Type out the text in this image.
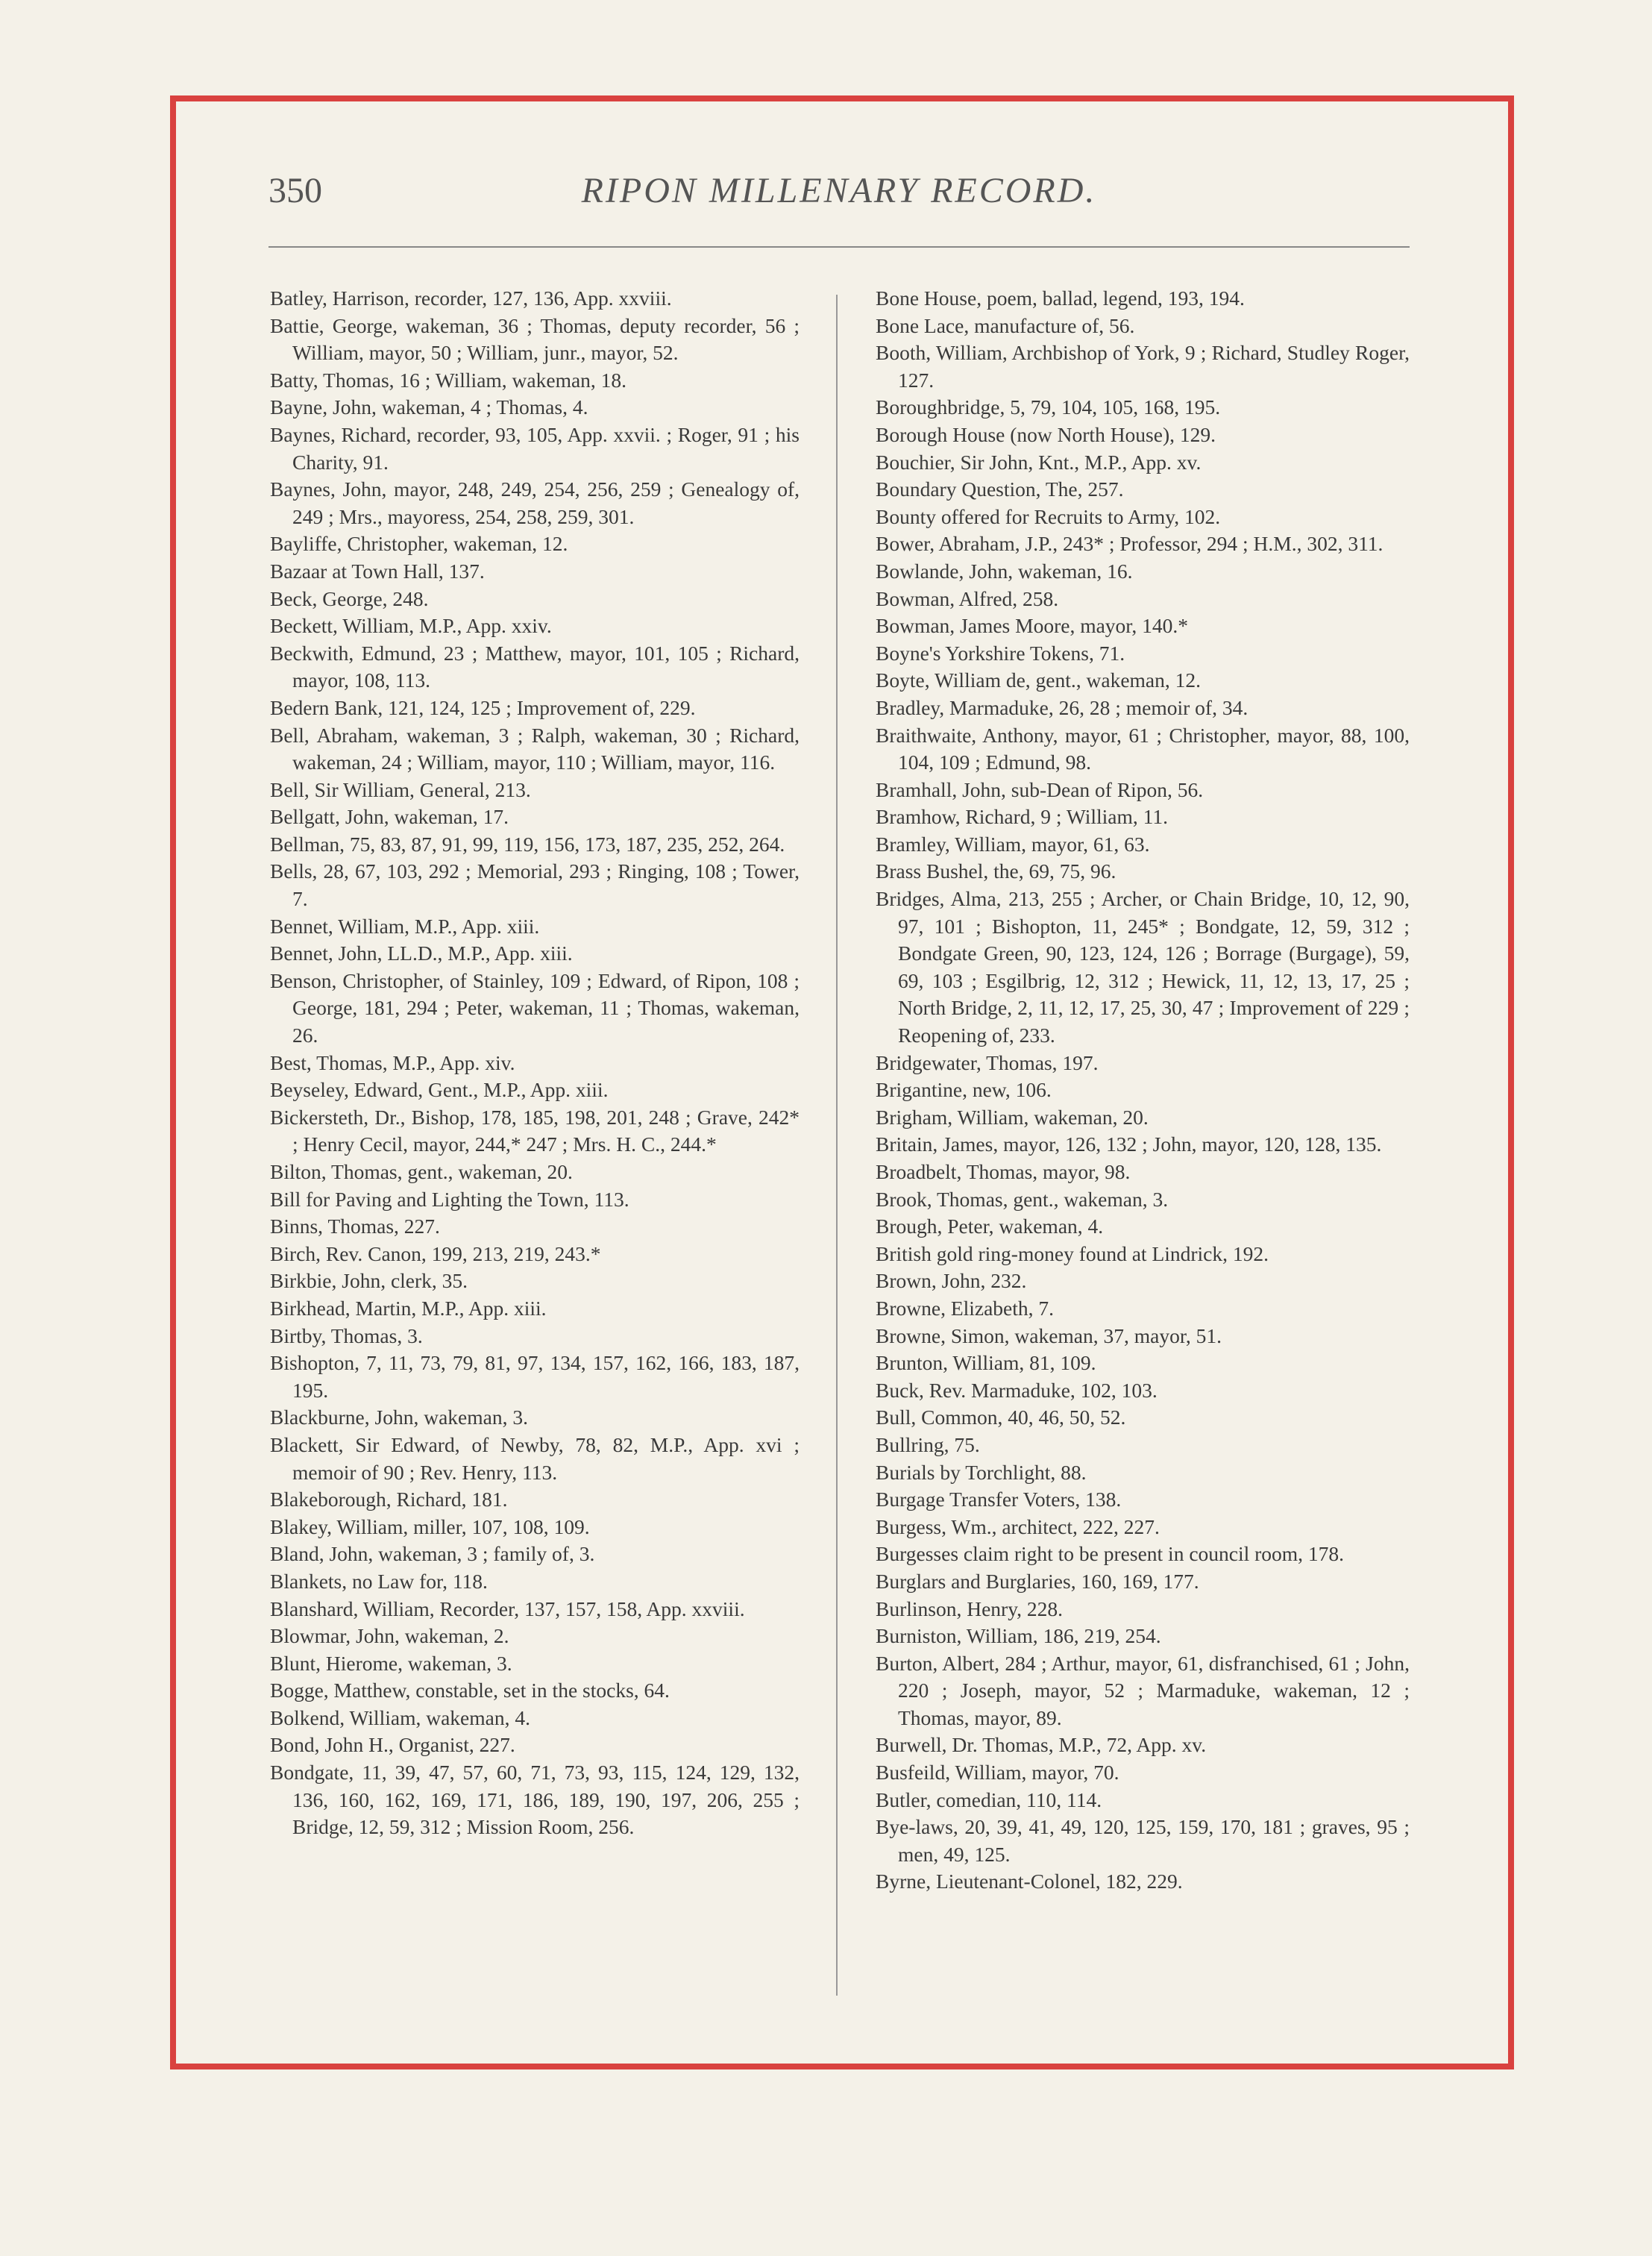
RIPON MILLENARY RECORD.
350

Batley, Harrison, recorder, 127, 136, App. xxviii.

Battie, George, wakeman, 36 ; Thomas, deputy recorder, 56 ; William, mayor, 50 ; William, junr., mayor, 52.

Batty, Thomas, 16 ; William, wakeman, 18.

Bayne, John, wakeman, 4 ; Thomas, 4.

Baynes, Richard, recorder, 93, 105, App. xxvii. ; Roger, 91 ; his Charity, 91.

Baynes, John, mayor, 248, 249, 254, 256, 259 ; Genealogy of, 249 ; Mrs., mayoress, 254, 258, 259, 301.

Bayliffe, Christopher, wakeman, 12.

Bazaar at Town Hall, 137.

Beck, George, 248.

Beckett, William, M.P., App. xxiv.

Beckwith, Edmund, 23 ; Matthew, mayor, 101, 105 ; Richard, mayor, 108, 113.

Bedern Bank, 121, 124, 125 ; Improvement of, 229.

Bell, Abraham, wakeman, 3 ; Ralph, wakeman, 30 ; Richard, wakeman, 24 ; William, mayor, 110 ; William, mayor, 116.

Bell, Sir William, General, 213.

Bellgatt, John, wakeman, 17.

Bellman, 75, 83, 87, 91, 99, 119, 156, 173, 187, 235, 252, 264.

Bells, 28, 67, 103, 292 ; Memorial, 293 ; Ringing, 108 ; Tower, 7.

Bennet, William, M.P., App. xiii.

Bennet, John, LL.D., M.P., App. xiii.

Benson, Christopher, of Stainley, 109 ; Edward, of Ripon, 108 ; George, 181, 294 ; Peter, wakeman, 11 ; Thomas, wakeman, 26.

Best, Thomas, M.P., App. xiv.

Beyseley, Edward, Gent., M.P., App. xiii.

Bickersteth, Dr., Bishop, 178, 185, 198, 201, 248 ; Grave, 242* ; Henry Cecil, mayor, 244,* 247 ; Mrs. H. C., 244.*

Bilton, Thomas, gent., wakeman, 20.

Bill for Paving and Lighting the Town, 113.

Binns, Thomas, 227.

Birch, Rev. Canon, 199, 213, 219, 243.*

Birkbie, John, clerk, 35.

Birkhead, Martin, M.P., App. xiii.

Birtby, Thomas, 3.

Bishopton, 7, 11, 73, 79, 81, 97, 134, 157, 162, 166, 183, 187, 195.

Blackburne, John, wakeman, 3.

Blackett, Sir Edward, of Newby, 78, 82, M.P., App. xvi ; memoir of 90 ; Rev. Henry, 113.

Blakeborough, Richard, 181.

Blakey, William, miller, 107, 108, 109.

Bland, John, wakeman, 3 ; family of, 3.

Blankets, no Law for, 118.

Blanshard, William, Recorder, 137, 157, 158, App. xxviii.

Blowmar, John, wakeman, 2.

Blunt, Hierome, wakeman, 3.

Bogge, Matthew, constable, set in the stocks, 64.

Bolkend, William, wakeman, 4.

Bond, John H., Organist, 227.

Bondgate, 11, 39, 47, 57, 60, 71, 73, 93, 115, 124, 129, 132, 136, 160, 162, 169, 171, 186, 189, 190, 197, 206, 255 ; Bridge, 12, 59, 312 ; Mission Room, 256.

Bone House, poem, ballad, legend, 193, 194.

Bone Lace, manufacture of, 56.

Booth, William, Archbishop of York, 9 ; Richard, Studley Roger, 127.

Boroughbridge, 5, 79, 104, 105, 168, 195.

Borough House (now North House), 129.

Bouchier, Sir John, Knt., M.P., App. xv.

Boundary Question, The, 257.

Bounty offered for Recruits to Army, 102.

Bower, Abraham, J.P., 243* ; Professor, 294 ; H.M., 302, 311.

Bowlande, John, wakeman, 16.

Bowman, Alfred, 258.

Bowman, James Moore, mayor, 140.*

Boyne's Yorkshire Tokens, 71.

Boyte, William de, gent., wakeman, 12.

Bradley, Marmaduke, 26, 28 ; memoir of, 34.

Braithwaite, Anthony, mayor, 61 ; Christopher, mayor, 88, 100, 104, 109 ; Edmund, 98.

Bramhall, John, sub-Dean of Ripon, 56.

Bramhow, Richard, 9 ; William, 11.

Bramley, William, mayor, 61, 63.

Brass Bushel, the, 69, 75, 96.

Bridges, Alma, 213, 255 ; Archer, or Chain Bridge, 10, 12, 90, 97, 101 ; Bishopton, 11, 245* ; Bondgate, 12, 59, 312 ; Bondgate Green, 90, 123, 124, 126 ; Borrage (Burgage), 59, 69, 103 ; Esgilbrig, 12, 312 ; Hewick, 11, 12, 13, 17, 25 ; North Bridge, 2, 11, 12, 17, 25, 30, 47 ; Improvement of 229 ; Reopening of, 233.

Bridgewater, Thomas, 197.

Brigantine, new, 106.

Brigham, William, wakeman, 20.

Britain, James, mayor, 126, 132 ; John, mayor, 120, 128, 135.

Broadbelt, Thomas, mayor, 98.

Brook, Thomas, gent., wakeman, 3.

Brough, Peter, wakeman, 4.

British gold ring-money found at Lindrick, 192.

Brown, John, 232.

Browne, Elizabeth, 7.

Browne, Simon, wakeman, 37, mayor, 51.

Brunton, William, 81, 109.

Buck, Rev. Marmaduke, 102, 103.

Bull, Common, 40, 46, 50, 52.

Bullring, 75.

Burials by Torchlight, 88.

Burgage Transfer Voters, 138.

Burgess, Wm., architect, 222, 227.

Burgesses claim right to be present in council room, 178.

Burglars and Burglaries, 160, 169, 177.

Burlinson, Henry, 228.

Burniston, William, 186, 219, 254.

Burton, Albert, 284 ; Arthur, mayor, 61, disfranchised, 61 ; John, 220 ; Joseph, mayor, 52 ; Marmaduke, wakeman, 12 ; Thomas, mayor, 89.

Burwell, Dr. Thomas, M.P., 72, App. xv.

Busfeild, William, mayor, 70.

Butler, comedian, 110, 114.

Bye-laws, 20, 39, 41, 49, 120, 125, 159, 170, 181 ; graves, 95 ; men, 49, 125.

Byrne, Lieutenant-Colonel, 182, 229.
